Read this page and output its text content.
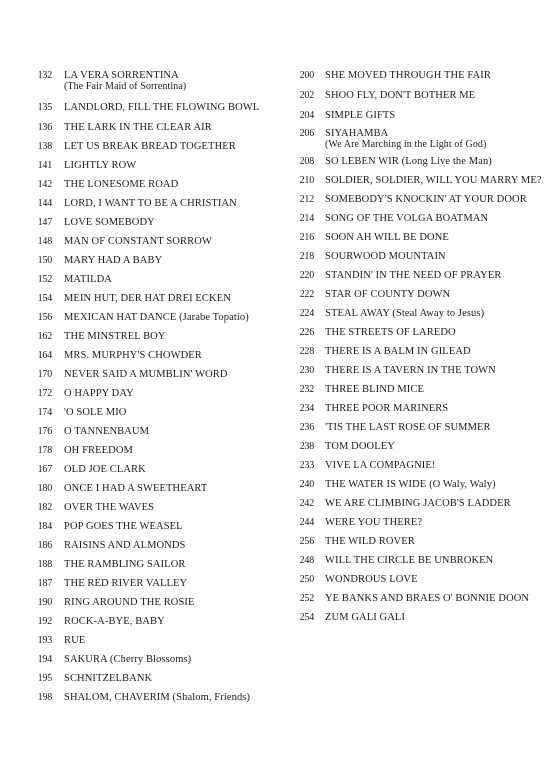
132 LA VERA SORRENTINA
(The Fair Maid of Sorrentina)
135 LANDLORD, FILL THE FLOWING BOWL
136 THE LARK IN THE CLEAR AIR
138 LET US BREAK BREAD TOGETHER
141 LIGHTLY ROW
142 THE LONESOME ROAD
144 LORD, I WANT TO BE A CHRISTIAN
147 LOVE SOMEBODY
148 MAN OF CONSTANT SORROW
150 MARY HAD A BABY
152 MATILDA
154 MEIN HUT, DER HAT DREI ECKEN
156 MEXICAN HAT DANCE (Jarabe Topatio)
162 THE MINSTREL BOY
164 MRS. MURPHY'S CHOWDER
170 NEVER SAID A MUMBLIN' WORD
172 O HAPPY DAY
174 'O SOLE MIO
176 O TANNENBAUM
178 OH FREEDOM
167 OLD JOE CLARK
180 ONCE I HAD A SWEETHEART
182 OVER THE WAVES
184 POP GOES THE WEASEL
186 RAISINS AND ALMONDS
188 THE RAMBLING SAILOR
187 THE RED RIVER VALLEY
190 RING AROUND THE ROSIE
192 ROCK-A-BYE, BABY
193 RUE
194 SAKURA (Cherry Blossoms)
195 SCHNITZELBANK
198 SHALOM, CHAVERIM (Shalom, Friends)
200 SHE MOVED THROUGH THE FAIR
202 SHOO FLY, DON'T BOTHER ME
204 SIMPLE GIFTS
206 SIYAHAMBA
(We Are Marching in the Light of God)
208 SO LEBEN WIR (Long Live the Man)
210 SOLDIER, SOLDIER, WILL YOU MARRY ME?
212 SOMEBODY'S KNOCKIN' AT YOUR DOOR
214 SONG OF THE VOLGA BOATMAN
216 SOON AH WILL BE DONE
218 SOURWOOD MOUNTAIN
220 STANDIN' IN THE NEED OF PRAYER
222 STAR OF COUNTY DOWN
224 STEAL AWAY (Steal Away to Jesus)
226 THE STREETS OF LAREDO
228 THERE IS A BALM IN GILEAD
230 THERE IS A TAVERN IN THE TOWN
232 THREE BLIND MICE
234 THREE POOR MARINERS
236 'TIS THE LAST ROSE OF SUMMER
238 TOM DOOLEY
233 VIVE LA COMPAGNIE!
240 THE WATER IS WIDE (O Waly, Waly)
242 WE ARE CLIMBING JACOB'S LADDER
244 WERE YOU THERE?
256 THE WILD ROVER
248 WILL THE CIRCLE BE UNBROKEN
250 WONDROUS LOVE
252 YE BANKS AND BRAES O' BONNIE DOON
254 ZUM GALI GALI
